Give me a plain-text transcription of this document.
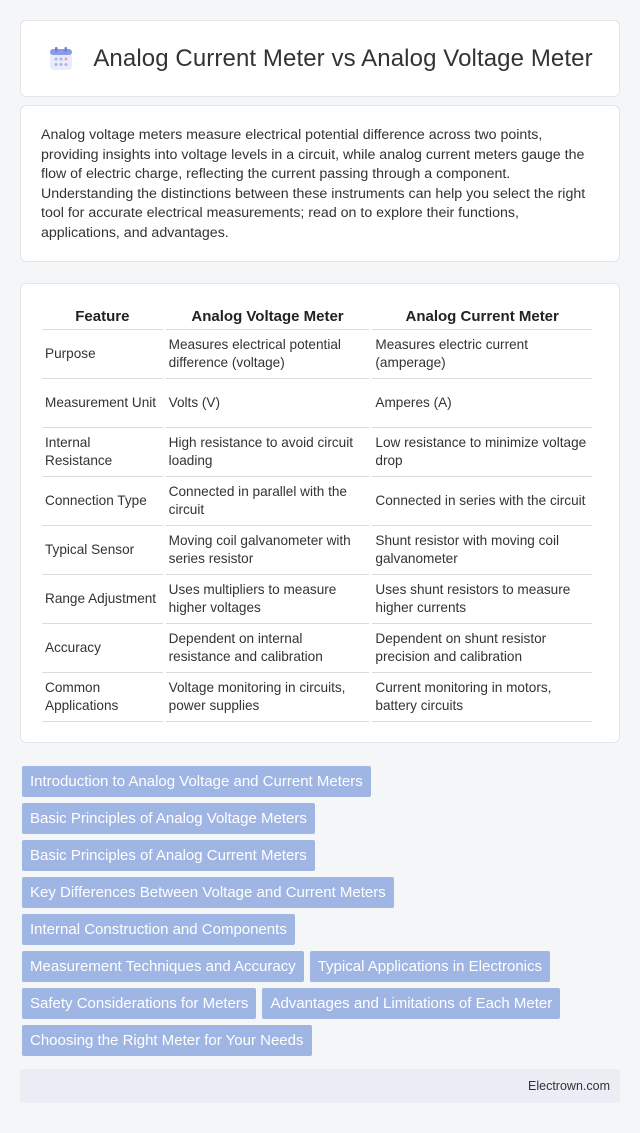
Analog Current Meter vs Analog Voltage Meter

Analog voltage meters measure electrical potential difference across two points, providing insights into voltage levels in a circuit, while analog current meters gauge the flow of electric charge, reflecting the current passing through a component. Understanding the distinctions between these instruments can help you select the right tool for accurate electrical measurements; read on to explore their functions, applications, and advantages.

Feature	Analog Voltage Meter	Analog Current Meter
Purpose	Measures electrical potential difference (voltage)	Measures electric current (amperage)
Measurement Unit	Volts (V)	Amperes (A)
Internal Resistance	High resistance to avoid circuit loading	Low resistance to minimize voltage drop
Connection Type	Connected in parallel with the circuit	Connected in series with the circuit
Typical Sensor	Moving coil galvanometer with series resistor	Shunt resistor with moving coil galvanometer
Range Adjustment	Uses multipliers to measure higher voltages	Uses shunt resistors to measure higher currents
Accuracy	Dependent on internal resistance and calibration	Dependent on shunt resistor precision and calibration
Common Applications	Voltage monitoring in circuits, power supplies	Current monitoring in motors, battery circuits
Introduction to Analog Voltage and Current Meters
Basic Principles of Analog Voltage Meters
Basic Principles of Analog Current Meters
Key Differences Between Voltage and Current Meters
Internal Construction and Components
Measurement Techniques and Accuracy	Typical Applications in Electronics
Safety Considerations for Meters	Advantages and Limitations of Each Meter
Choosing the Right Meter for Your Needs
Electrown.com
